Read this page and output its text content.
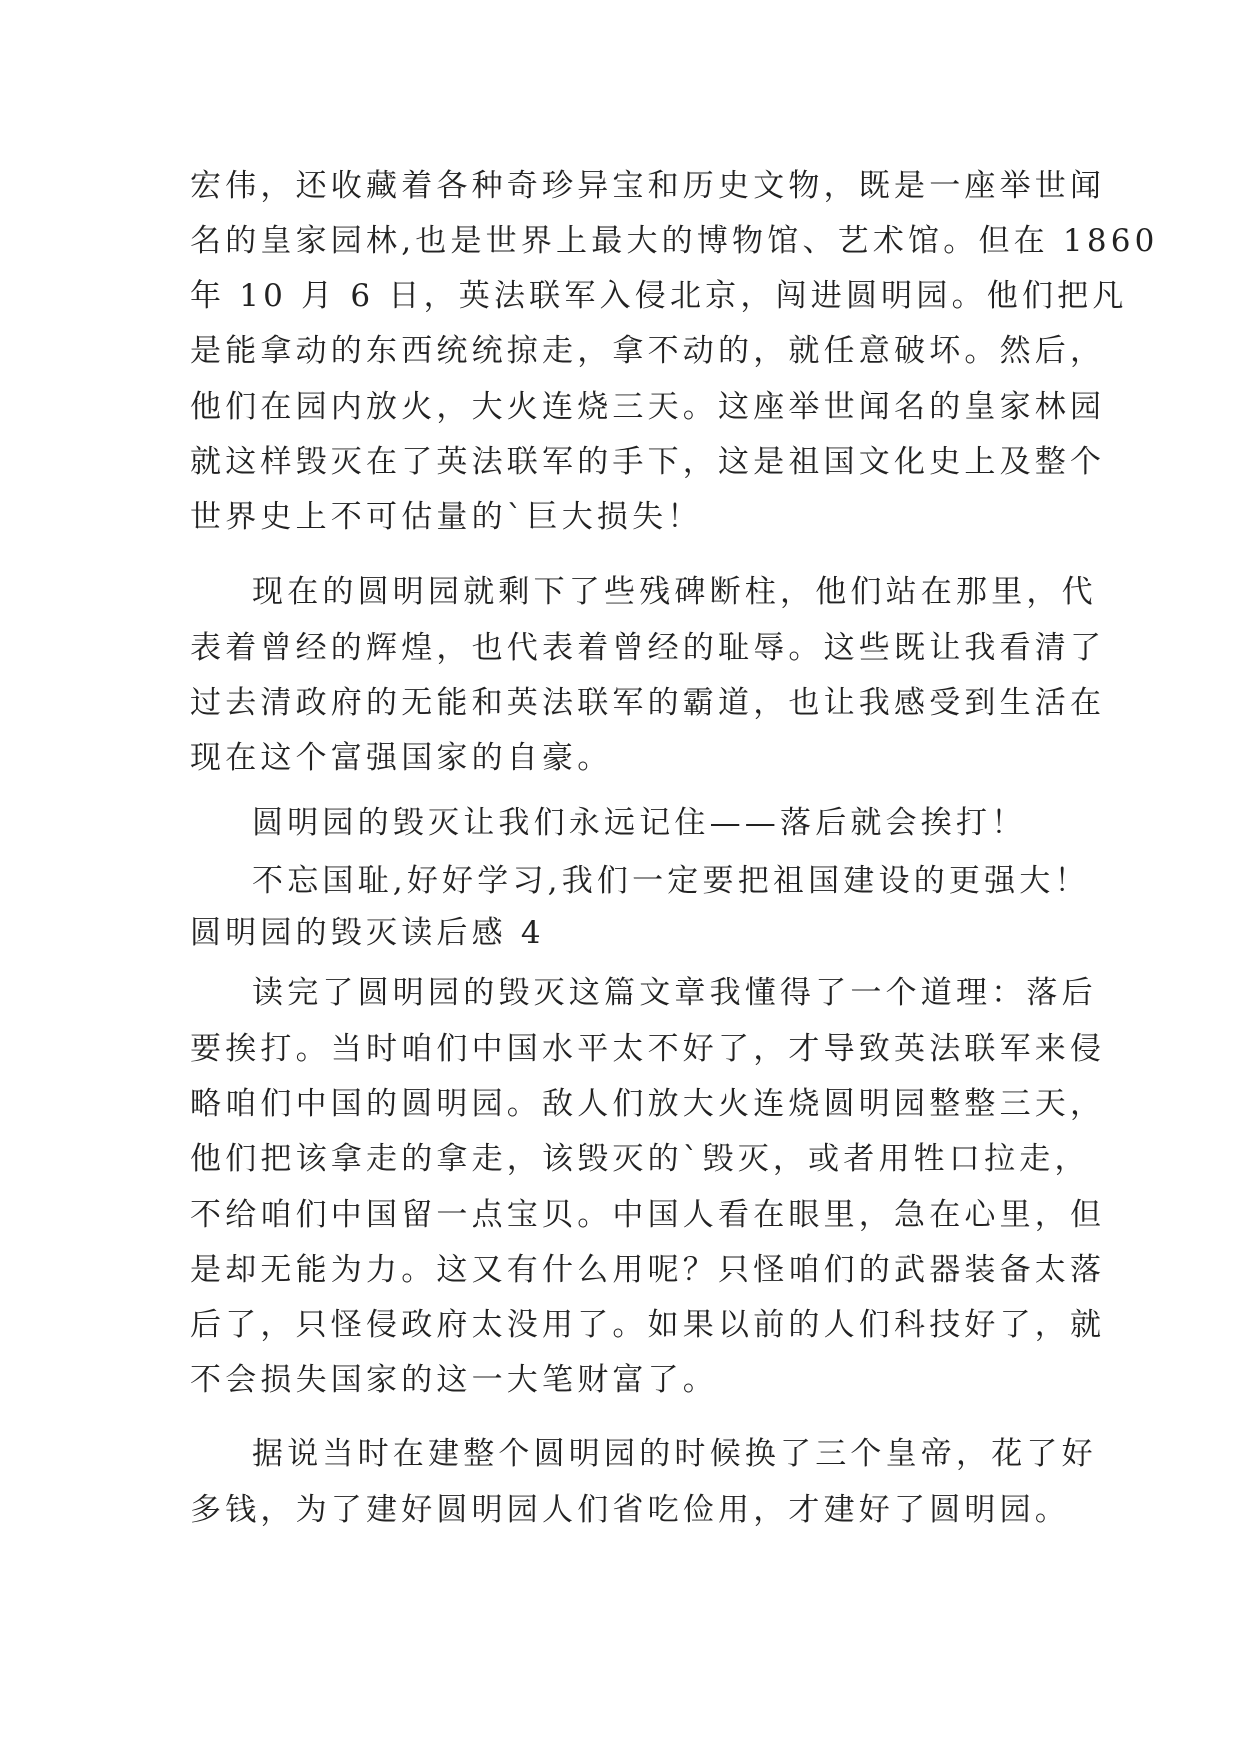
宏伟，还收藏着各种奇珍异宝和历史文物，既是一座举世闻
名的皇家园林,也是世界上最大的博物馆、艺术馆。但在 1860
年 10 月 6 日，英法联军入侵北京，闯进圆明园。他们把凡
是能拿动的东西统统掠走，拿不动的，就任意破坏。然后，
他们在园内放火，大火连烧三天。这座举世闻名的皇家林园
就这样毁灭在了英法联军的手下，这是祖国文化史上及整个
世界史上不可估量的`巨大损失！
现在的圆明园就剩下了些残碑断柱，他们站在那里，代
表着曾经的辉煌，也代表着曾经的耻辱。这些既让我看清了
过去清政府的无能和英法联军的霸道，也让我感受到生活在
现在这个富强国家的自豪。
圆明园的毁灭让我们永远记住——落后就会挨打！
不忘国耻,好好学习,我们一定要把祖国建设的更强大！
圆明园的毁灭读后感 4
读完了圆明园的毁灭这篇文章我懂得了一个道理：落后
要挨打。当时咱们中国水平太不好了，才导致英法联军来侵
略咱们中国的圆明园。敌人们放大火连烧圆明园整整三天，
他们把该拿走的拿走，该毁灭的`毁灭，或者用牲口拉走，
不给咱们中国留一点宝贝。中国人看在眼里，急在心里，但
是却无能为力。这又有什么用呢？只怪咱们的武器装备太落
后了，只怪侵政府太没用了。如果以前的人们科技好了，就
不会损失国家的这一大笔财富了。
据说当时在建整个圆明园的时候换了三个皇帝，花了好
多钱，为了建好圆明园人们省吃俭用，才建好了圆明园。
